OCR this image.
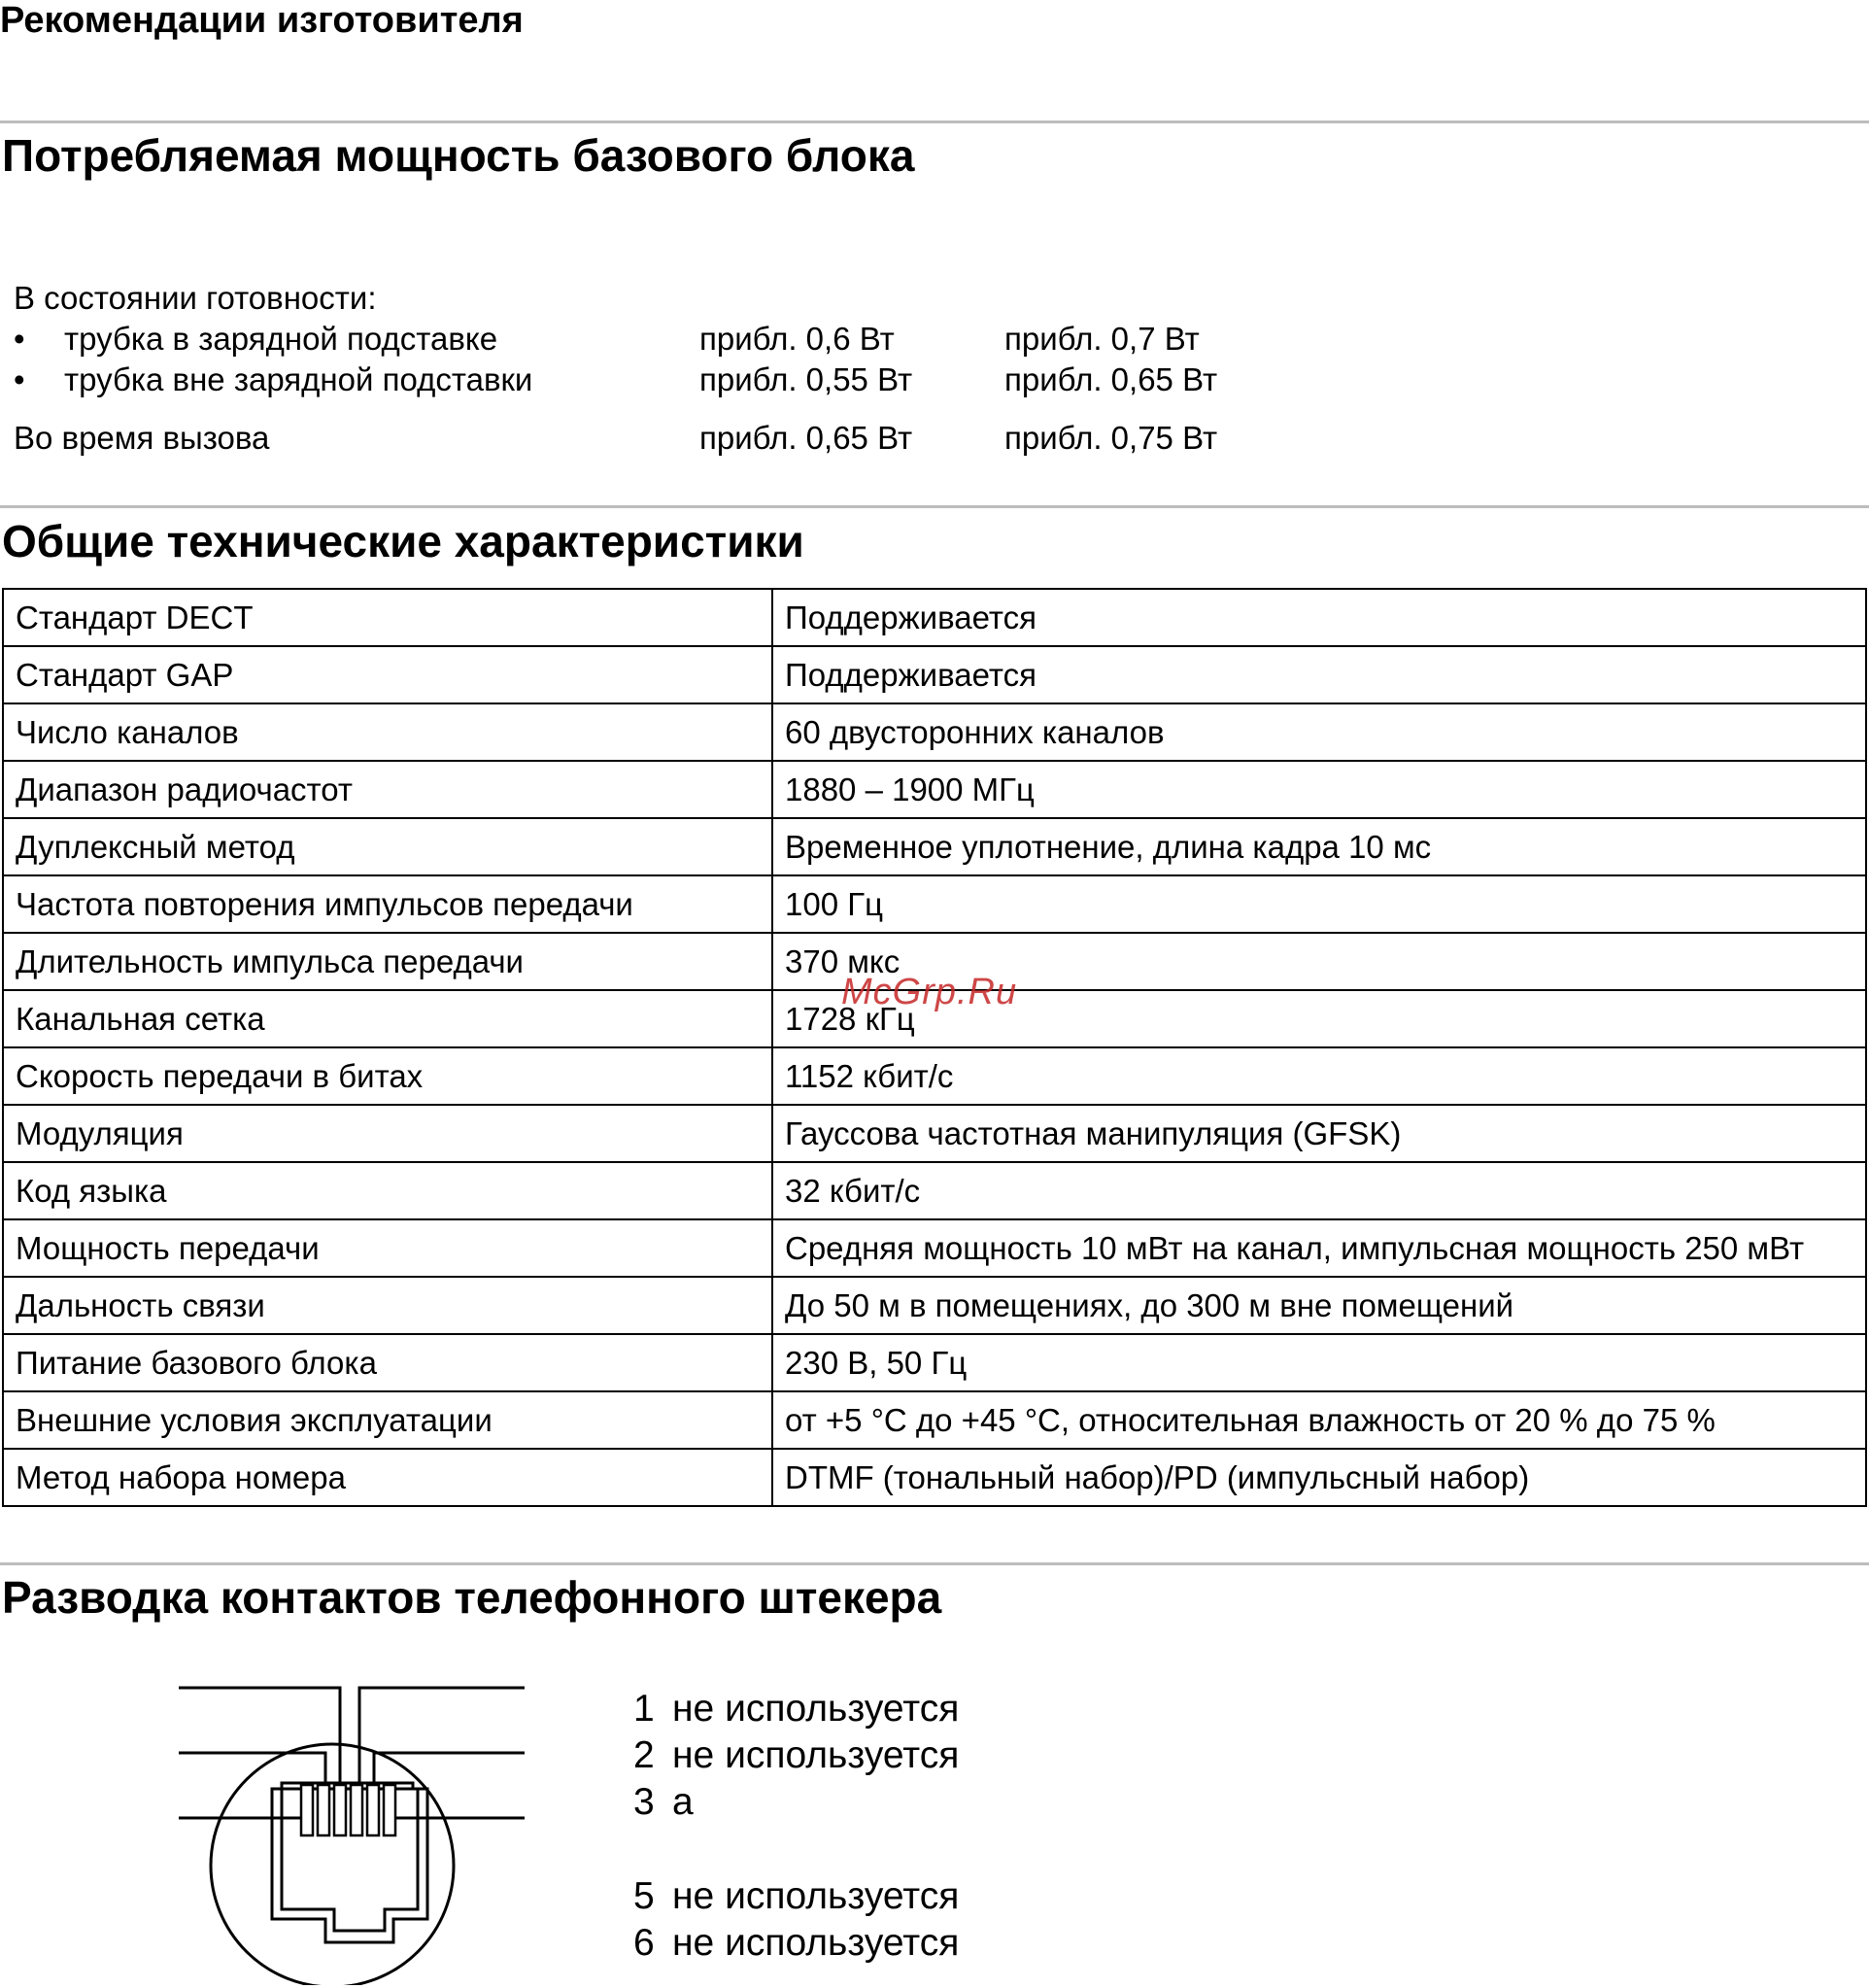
Рекомендации изготовителя
Потребляемая мощность базового блока
В состоянии готовности:
• трубка в зарядной подставке	прибл. 0,6 Вт	прибл. 0,7 Вт
• трубка вне зарядной подставки	прибл. 0,55 Вт	прибл. 0,65 Вт
Во время вызова	прибл. 0,65 Вт	прибл. 0,75 Вт
Общие технические характеристики
Стандарт DECT	Поддерживается
Стандарт GAP	Поддерживается
Число каналов	60 двусторонних каналов
Диапазон радиочастот	1880 – 1900 МГц
Дуплексный метод	Временное уплотнение, длина кадра 10 мс
Частота повторения импульсов передачи	100 Гц
Длительность импульса передачи	370 мкс
Канальная сетка	1728 кГц
Скорость передачи в битах	1152 кбит/с
Модуляция	Гауссова частотная манипуляция (GFSK)
Код языка	32 кбит/с
Мощность передачи	Средняя мощность 10 мВт на канал, импульсная мощность 250 мВт
Дальность связи	До 50 м в помещениях, до 300 м вне помещений
Питание базового блока	230 В, 50 Гц
Внешние условия эксплуатации	от +5 °C до +45 °C, относительная влажность от 20 % до 75 %
Метод набора номера	DTMF (тональный набор)/PD (импульсный набор)
Разводка контактов телефонного штекера
1 не используется
2 не используется
3 a
5 не используется
6 не используется
McGrp.Ru
